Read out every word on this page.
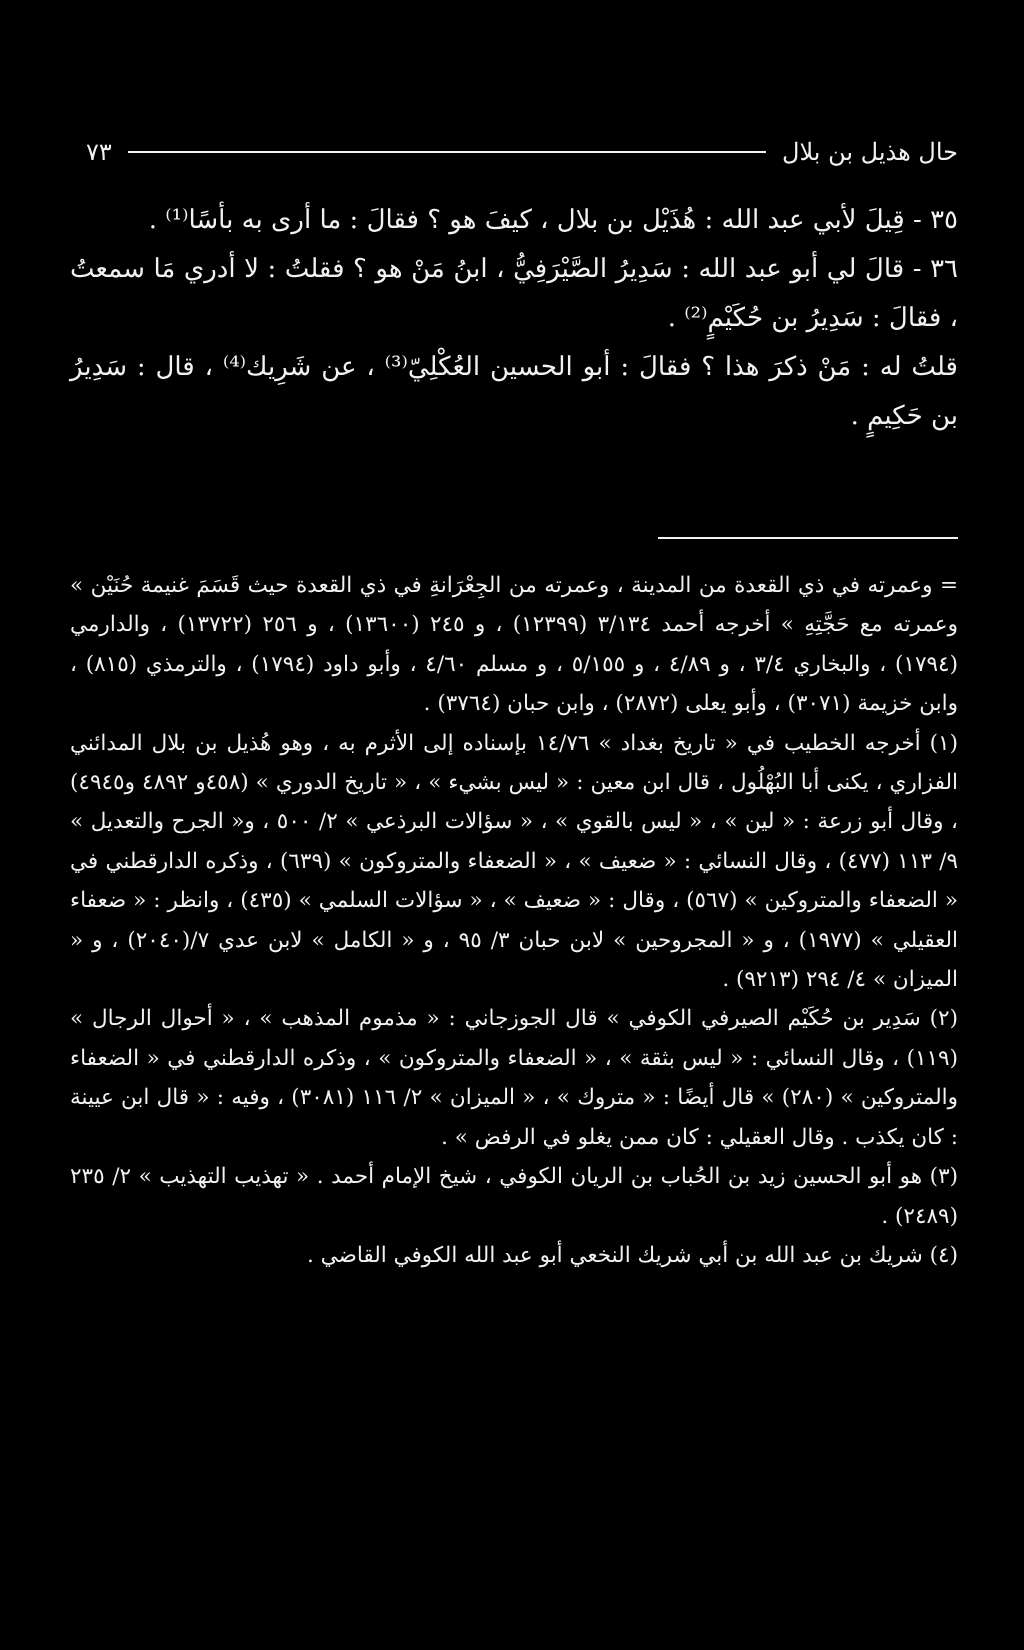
حال هذيل بن بلال
٧٣

٣٥ - قِيلَ لأبي عبد الله : هُذَيْل بن بلال ، كيفَ هو ؟ فقالَ : ما أرى به بأسًا⁽¹⁾ .

٣٦ - قالَ لي أبو عبد الله : سَدِيرُ الصَّيْرَفِيُّ ، ابنُ مَنْ هو ؟ فقلتُ : لا أدري مَا سمعتُ ، فقالَ : سَدِيرُ بن حُكَيْمٍ⁽²⁾ .

قلتُ له : مَنْ ذكرَ هذا ؟ فقالَ : أبو الحسين العُكْلِيّ⁽³⁾ ، عن شَرِيك⁽⁴⁾ ، قال : سَدِيرُ بن حَكِيمٍ .

= وعمرته في ذي القعدة من المدينة ، وعمرته من الجِعْرَانةِ في ذي القعدة حيث قَسَمَ غنيمة حُنَيْن » وعمرته مع حَجَّتِهِ » أخرجه أحمد ٣/١٣٤ (١٢٣٩٩) ، و ٢٤٥ (١٣٦٠٠) ، و ٢٥٦ (١٣٧٢٢) ، والدارمي (١٧٩٤) ، والبخاري ٣/٤ ، و ٤/٨٩ ، و ٥/١٥٥ ، و مسلم ٤/٦٠ ، وأبو داود (١٧٩٤) ، والترمذي (٨١٥) ، وابن خزيمة (٣٠٧١) ، وأبو يعلى (٢٨٧٢) ، وابن حبان (٣٧٦٤) .

(١) أخرجه الخطيب في « تاريخ بغداد » ١٤/٧٦ بإسناده إلى الأثرم به ، وهو هُذيل بن بلال المدائني الفزاري ، يكنى أبا البُهْلُول ، قال ابن معين : « ليس بشيء » ، « تاريخ الدوري » (٤٥٨و ٤٨٩٢ و٤٩٤٥) ، وقال أبو زرعة : « لين » ، « ليس بالقوي » ، « سؤالات البرذعي » ٢/ ٥٠٠ ، و« الجرح والتعديل » ٩/ ١١٣ (٤٧٧) ، وقال النسائي : « ضعيف » ، « الضعفاء والمتروكون » (٦٣٩) ، وذكره الدارقطني في « الضعفاء والمتروكين » (٥٦٧) ، وقال : « ضعيف » ، « سؤالات السلمي » (٤٣٥) ، وانظر : « ضعفاء العقيلي » (١٩٧٧) ، و « المجروحين » لابن حبان ٣/ ٩٥ ، و « الكامل » لابن عدي ٧/(٢٠٤٠) ، و « الميزان » ٤/ ٢٩٤ (٩٢١٣) .

(٢) سَدِير بن حُكَيْم الصيرفي الكوفي » قال الجوزجاني : « مذموم المذهب » ، « أحوال الرجال » (١١٩) ، وقال النسائي : « ليس بثقة » ، « الضعفاء والمتروكون » ، وذكره الدارقطني في « الضعفاء والمتروكين » (٢٨٠) » قال أيضًا : « متروك » ، « الميزان » ٢/ ١١٦ (٣٠٨١) ، وفيه : « قال ابن عيينة : كان يكذب . وقال العقيلي : كان ممن يغلو في الرفض » .

(٣) هو أبو الحسين زيد بن الحُباب بن الريان الكوفي ، شيخ الإمام أحمد . « تهذيب التهذيب » ٢/ ٢٣٥ (٢٤٨٩) .

(٤) شريك بن عبد الله بن أبي شريك النخعي أبو عبد الله الكوفي القاضي .
